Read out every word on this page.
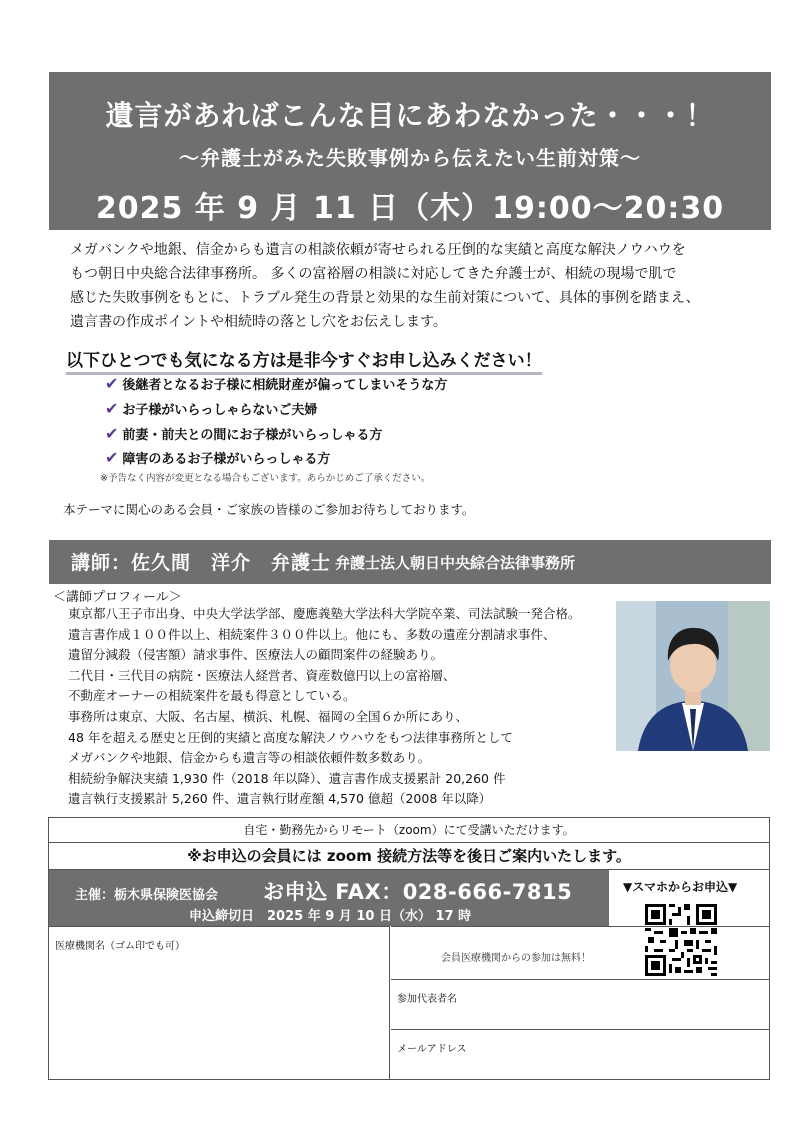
遺言があればこんな目にあわなかった・・・！
～弁護士がみた失敗事例から伝えたい生前対策～
2025 年 9 月 11 日（木）19:00～20:30
メガバンクや地銀、信金からも遺言の相談依頼が寄せられる圧倒的な実績と高度な解決ノウハウを
もつ朝日中央総合法律事務所。 多くの富裕層の相談に対応してきた弁護士が、相続の現場で肌で
感じた失敗事例をもとに、トラブル発生の背景と効果的な生前対策について、具体的事例を踏まえ、
遺言書の作成ポイントや相続時の落とし穴をお伝えします。
以下ひとつでも気になる方は是非今すぐお申し込みください！
✔ 後継者となるお子様に相続財産が偏ってしまいそうな方
✔ お子様がいらっしゃらないご夫婦
✔ 前妻・前夫との間にお子様がいらっしゃる方
✔ 障害のあるお子様がいらっしゃる方
※予告なく内容が変更となる場合もございます。あらかじめご了承ください。
本テーマに関心のある会員・ご家族の皆様のご参加お待ちしております。
講師：佐久間　洋介　弁護士 弁護士法人朝日中央綜合法律事務所
＜講師プロフィール＞
東京都八王子市出身、中央大学法学部、慶應義塾大学法科大学院卒業、司法試験一発合格。
遺言書作成１００件以上、相続案件３００件以上。他にも、多数の遺産分割請求事件、
遺留分減殺（侵害額）請求事件、医療法人の顧問案件の経験あり。
二代目・三代目の病院・医療法人経営者、資産数億円以上の富裕層、
不動産オーナーの相続案件を最も得意としている。
事務所は東京、大阪、名古屋、横浜、札幌、福岡の全国６か所にあり、
48 年を超える歴史と圧倒的実績と高度な解決ノウハウをもつ法律事務所として
メガバンクや地銀、信金からも遺言等の相談依頼件数多数あり。
相続紛争解決実績 1,930 件（2018 年以降）、遺言書作成支援累計 20,260 件
遺言執行支援累計 5,260 件、遺言執行財産額 4,570 億超（2008 年以降）
自宅・勤務先からリモート（zoom）にて受講いただけます。
※お申込の会員には zoom 接続方法等を後日ご案内いたします。
主催：栃木県保険医協会 お申込 FAX：028-666-7815
申込締切日　2025 年 9 月 10 日（水） 17 時
▼スマホからお申込▼
医療機関名（ゴム印でも可）
会員医療機関からの参加は無料！
参加代表者名
メールアドレス
